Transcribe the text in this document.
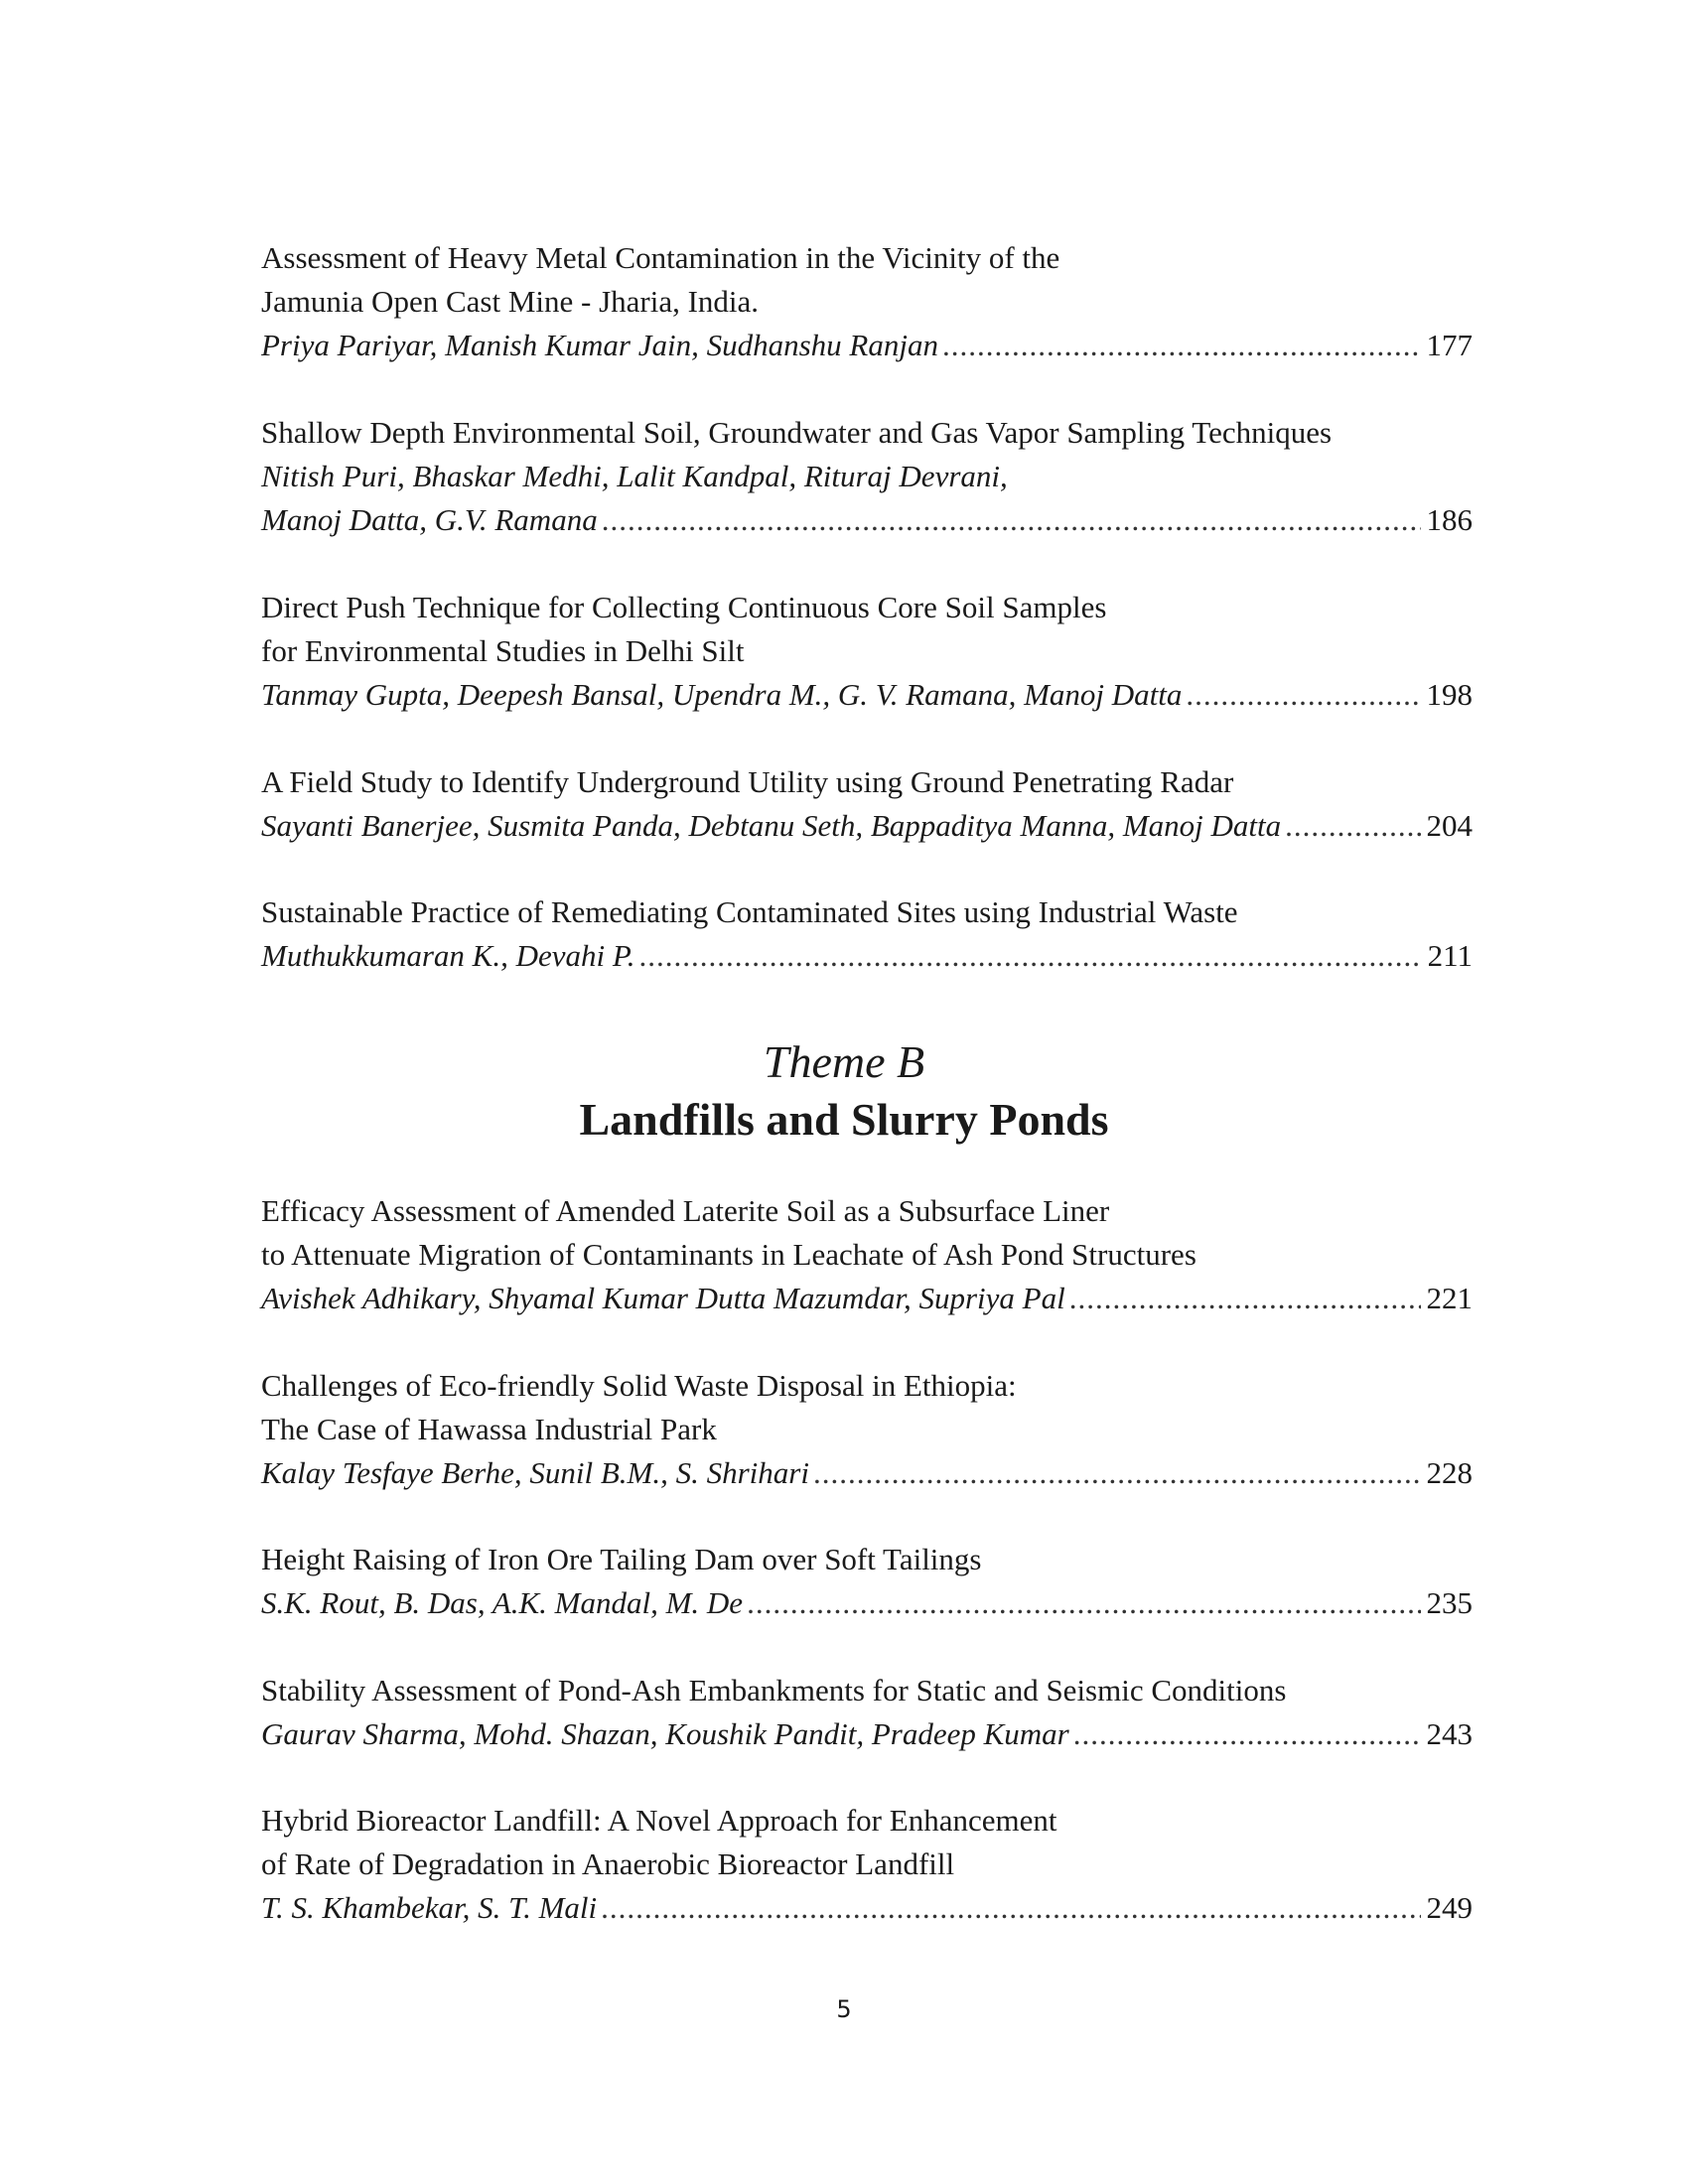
Assessment of Heavy Metal Contamination in the Vicinity of the
Jamunia Open Cast Mine - Jharia, India.
Priya Pariyar, Manish Kumar Jain, Sudhanshu Ranjan .....	177
Shallow Depth Environmental Soil, Groundwater and Gas Vapor Sampling Techniques
Nitish Puri, Bhaskar Medhi, Lalit Kandpal, Rituraj Devrani,
Manoj Datta, G.V. Ramana .....	186
Direct Push Technique for Collecting Continuous Core Soil Samples
for Environmental Studies in Delhi Silt
Tanmay Gupta, Deepesh Bansal, Upendra M., G. V. Ramana, Manoj Datta .....	198
A Field Study to Identify Underground Utility using Ground Penetrating Radar
Sayanti Banerjee, Susmita Panda, Debtanu Seth, Bappaditya Manna, Manoj Datta .....	204
Sustainable Practice of Remediating Contaminated Sites using Industrial Waste
Muthukkumaran K., Devahi P. .....	211
Theme B
Landfills and Slurry Ponds
Efficacy Assessment of Amended Laterite Soil as a Subsurface Liner
to Attenuate Migration of Contaminants in Leachate of Ash Pond Structures
Avishek Adhikary, Shyamal Kumar Dutta Mazumdar, Supriya Pal .....	221
Challenges of Eco-friendly Solid Waste Disposal in Ethiopia:
The Case of Hawassa Industrial Park
Kalay Tesfaye Berhe, Sunil B.M., S. Shrihari .....	228
Height Raising of Iron Ore Tailing Dam over Soft Tailings
S.K. Rout, B. Das, A.K. Mandal, M. De .....	235
Stability Assessment of Pond-Ash Embankments for Static and Seismic Conditions
Gaurav Sharma, Mohd. Shazan, Koushik Pandit, Pradeep Kumar .....	243
Hybrid Bioreactor Landfill: A Novel Approach for Enhancement
of Rate of Degradation in Anaerobic Bioreactor Landfill
T. S. Khambekar, S. T. Mali .....	249
5
